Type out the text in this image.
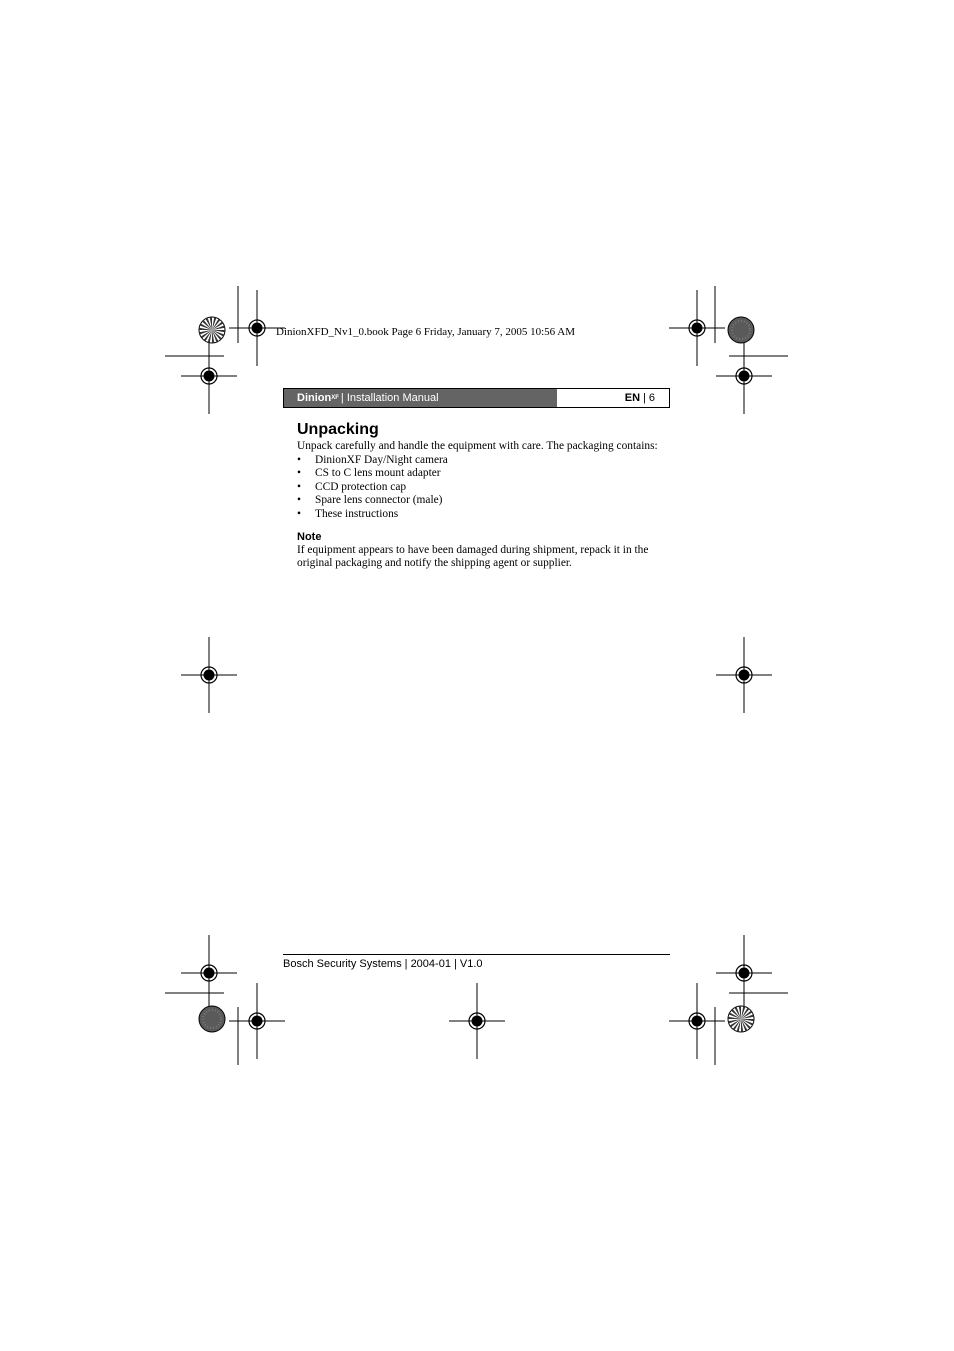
DinionXFD_Nv1_0.book Page 6 Friday, January 7, 2005 10:56 AM
Dinion XF |
Installation Manual	EN | 6
Unpacking

Unpack carefully and handle the equipment with care. The packaging contains:

• DinionXF Day/Night camera
• CS to C lens mount adapter
• CCD protection cap
• Spare lens connector (male)
• These instructions

Note

If equipment appears to have been damaged during shipment, repack it in the original packaging and notify the shipping agent or supplier.

Bosch Security Systems | 2004-01 | V1.0
